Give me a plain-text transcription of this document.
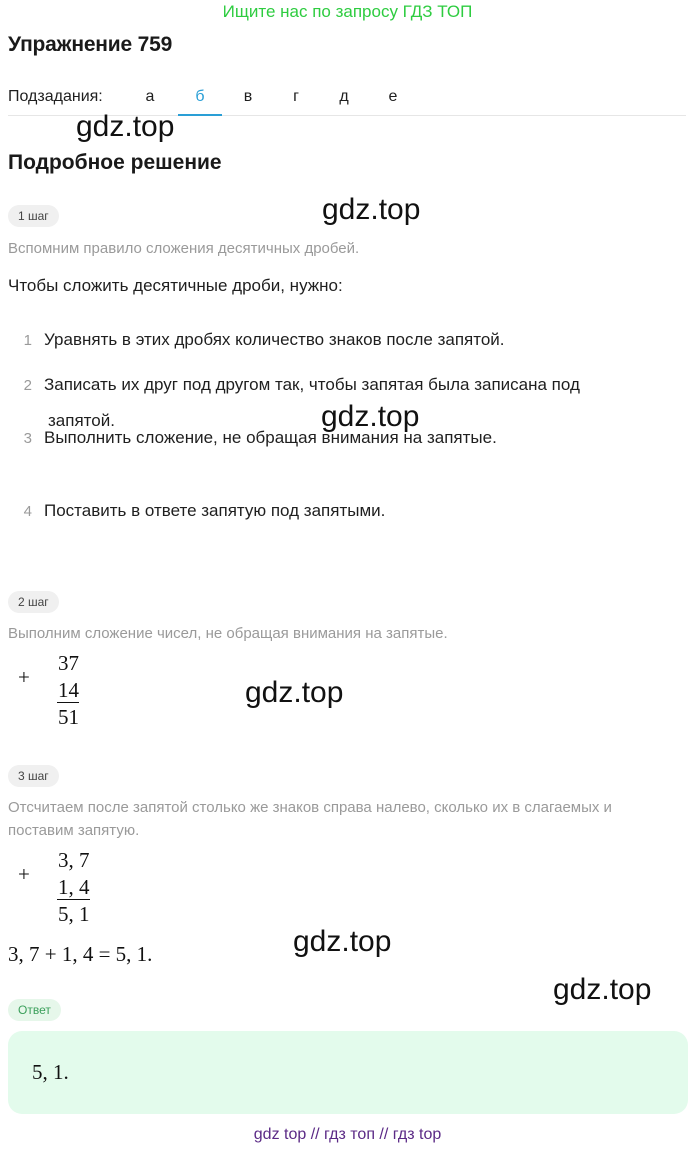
Ищите нас по запросу ГДЗ ТОП
Упражнение 759
Подзадания:	а	б	в	г	д	е
gdz.top
gdz.top
gdz.top
gdz.top
gdz.top
gdz.top
Подробное решение
1 шаг
Вспомним правило сложения десятичных дробей.
Чтобы сложить десятичные дроби, нужно:
1 Уравнять в этих дробях количество знаков после запятой.
2 Записать их друг под другом так, чтобы запятая была записана под
запятой.
3 Выполнить сложение, не обращая внимания на запятые.
4 Поставить в ответе запятую под запятыми.
2 шаг
Выполним сложение чисел, не обращая внимания на запятые.
+
37
14
51
3 шаг
Отсчитаем после запятой столько же знаков справа налево, сколько их в слагаемых и
поставим запятую.
+
3, 7
1, 4
5, 1
3, 7 + 1, 4 = 5, 1.
Ответ
5, 1.
gdz top // гдз топ // гдз top
